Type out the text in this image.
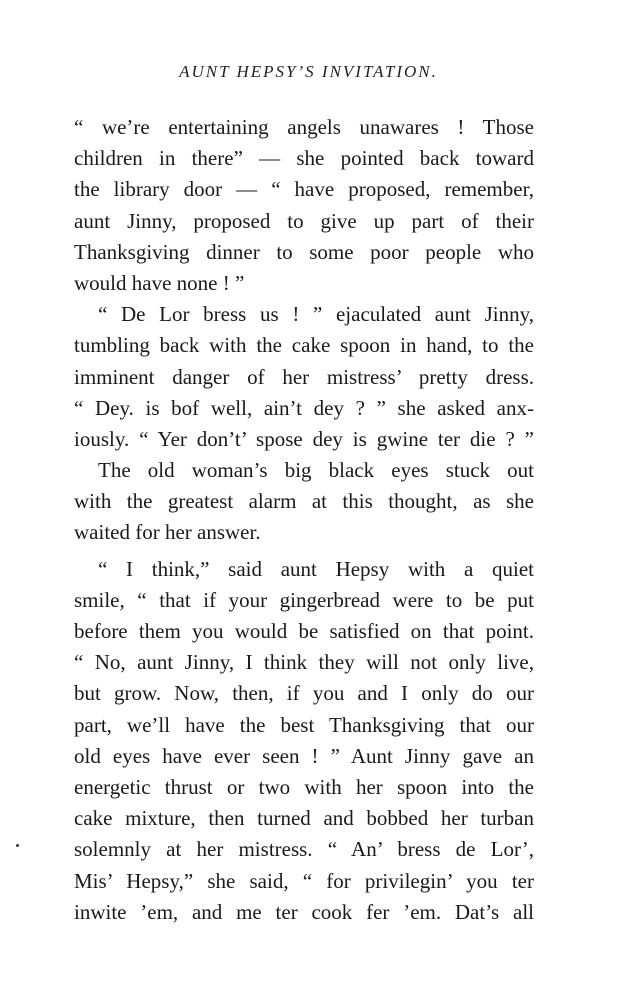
AUNT HEPSY’S INVITATION.
“ we’re entertaining angels unawares ! Those
children in there” — she pointed back toward
the library door — “ have proposed, remember,
aunt Jinny, proposed to give up part of their
Thanksgiving dinner to some poor people who
would have none ! ”
“ De Lor bress us ! ” ejaculated aunt Jinny,
tumbling back with the cake spoon in hand, to the
imminent danger of her mistress’ pretty dress.
“ Dey. is bof well, ain’t dey ? ” she asked anx-
iously. “ Yer don’t’ spose dey is gwine ter die ? ”
The old woman’s big black eyes stuck out
with the greatest alarm at this thought, as she
waited for her answer.
“ I think,” said aunt Hepsy with a quiet
smile, “ that if your gingerbread were to be put
before them you would be satisfied on that point.
“ No, aunt Jinny, I think they will not only live,
but grow. Now, then, if you and I only do our
part, we’ll have the best Thanksgiving that our
old eyes have ever seen ! ” Aunt Jinny gave an
energetic thrust or two with her spoon into the
cake mixture, then turned and bobbed her turban
solemnly at her mistress. “ An’ bress de Lor’,
Mis’ Hepsy,” she said, “ for privilegin’ you ter
inwite ’em, and me ter cook fer ’em. Dat’s all
